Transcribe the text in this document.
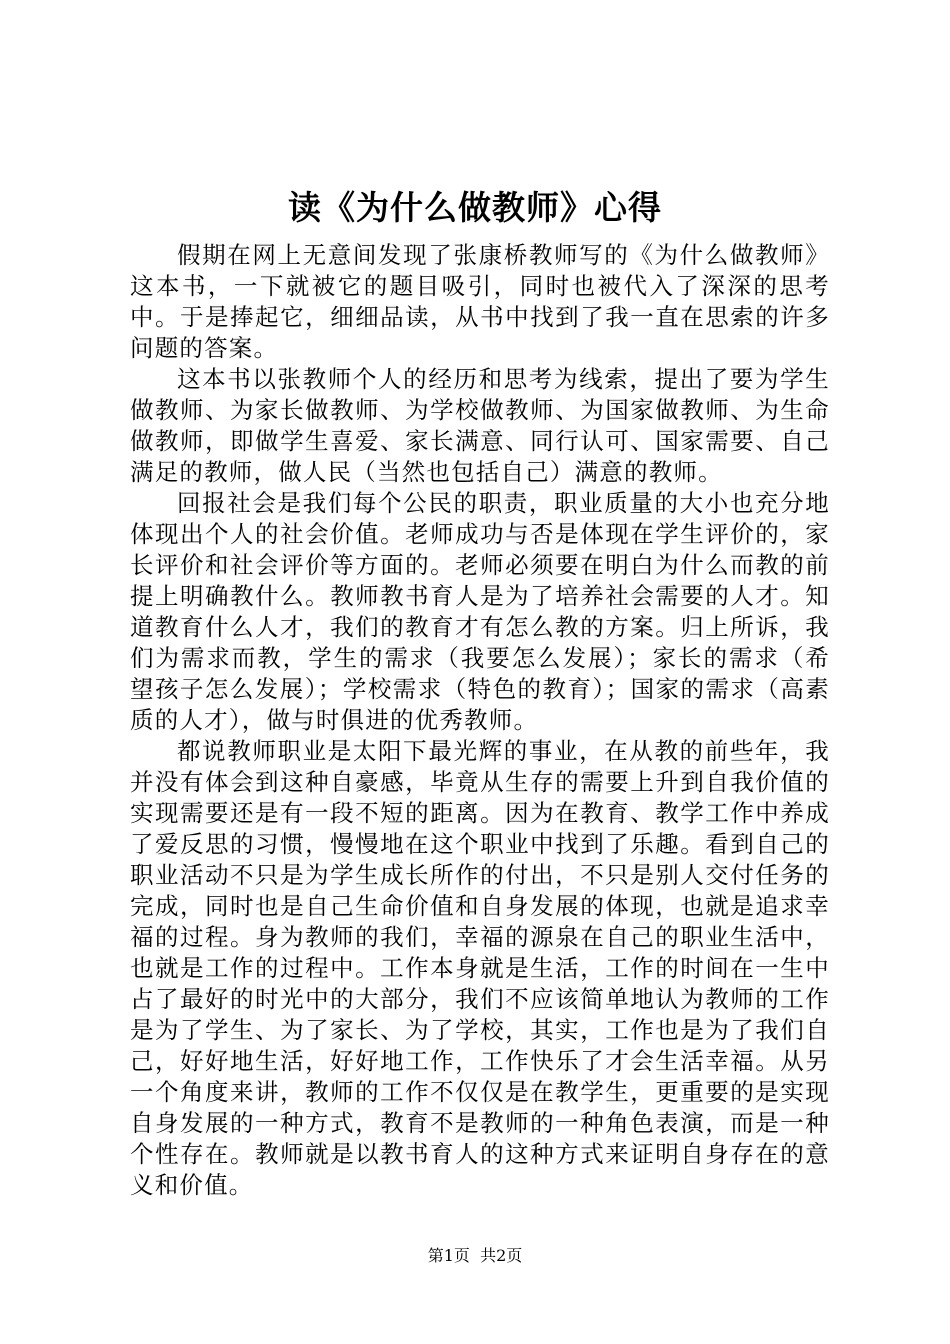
读《为什么做教师》心得

假期在网上无意间发现了张康桥教师写的《为什么做教师》这本书，一下就被它的题目吸引，同时也被代入了深深的思考中。于是捧起它，细细品读，从书中找到了我一直在思索的许多问题的答案。

这本书以张教师个人的经历和思考为线索，提出了要为学生做教师、为家长做教师、为学校做教师、为国家做教师、为生命做教师，即做学生喜爱、家长满意、同行认可、国家需要、自己满足的教师，做人民（当然也包括自己）满意的教师。

回报社会是我们每个公民的职责，职业质量的大小也充分地体现出个人的社会价值。老师成功与否是体现在学生评价的，家长评价和社会评价等方面的。老师必须要在明白为什么而教的前提上明确教什么。教师教书育人是为了培养社会需要的人才。知道教育什么人才，我们的教育才有怎么教的方案。归上所诉，我们为需求而教，学生的需求（我要怎么发展）；家长的需求（希望孩子怎么发展）；学校需求（特色的教育）；国家的需求（高素质的人才），做与时俱进的优秀教师。

都说教师职业是太阳下最光辉的事业，在从教的前些年，我并没有体会到这种自豪感，毕竟从生存的需要上升到自我价值的实现需要还是有一段不短的距离。因为在教育、教学工作中养成了爱反思的习惯，慢慢地在这个职业中找到了乐趣。看到自己的职业活动不只是为学生成长所作的付出，不只是别人交付任务的完成，同时也是自己生命价值和自身发展的体现，也就是追求幸福的过程。身为教师的我们，幸福的源泉在自己的职业生活中，也就是工作的过程中。工作本身就是生活，工作的时间在一生中占了最好的时光中的大部分，我们不应该简单地认为教师的工作是为了学生、为了家长、为了学校，其实，工作也是为了我们自己，好好地生活，好好地工作，工作快乐了才会生活幸福。从另一个角度来讲，教师的工作不仅仅是在教学生，更重要的是实现自身发展的一种方式，教育不是教师的一种角色表演，而是一种个性存在。教师就是以教书育人的这种方式来证明自身存在的意义和价值。

第1页 共2页
